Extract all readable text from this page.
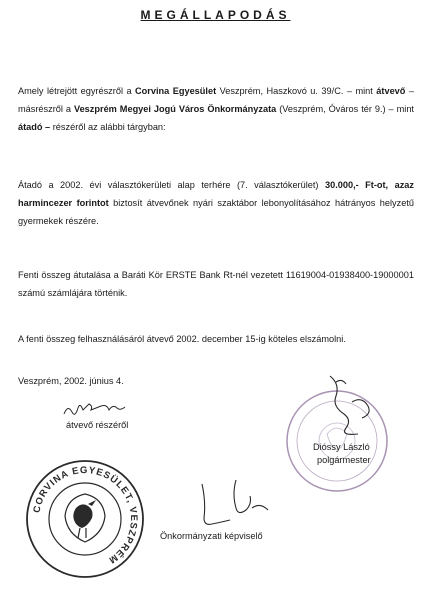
MEGÁLLAPODÁS
Amely létrejött egyrészről a Corvina Egyesület Veszprém, Haszkovó u. 39/C. – mint átvevő – másrészről a Veszprém Megyei Jogú Város Önkormányzata (Veszprém, Óváros tér 9.) – mint átadó – részéről az alábbi tárgyban:
Átadó a 2002. évi választókerületi alap terhére (7. választókerület) 30.000,- Ft-ot, azaz harmincezer forintot biztosít átvevőnek nyári szaktábor lebonyolításához hátrányos helyzetű gyermekek részére.
Fenti összeg átutalása a Baráti Kör ERSTE Bank Rt-nél vezetett 11619004-01938400-19000001 számú számlájára történik.
A fenti összeg felhasználásáról átvevő 2002. december 15-ig köteles elszámolni.
Veszprém, 2002. június 4.
átvevő részéről
Dióssy László
polgármester
Önkormányzati képviselő
CORVINA EGYESÜLET, VESZPRÉM
